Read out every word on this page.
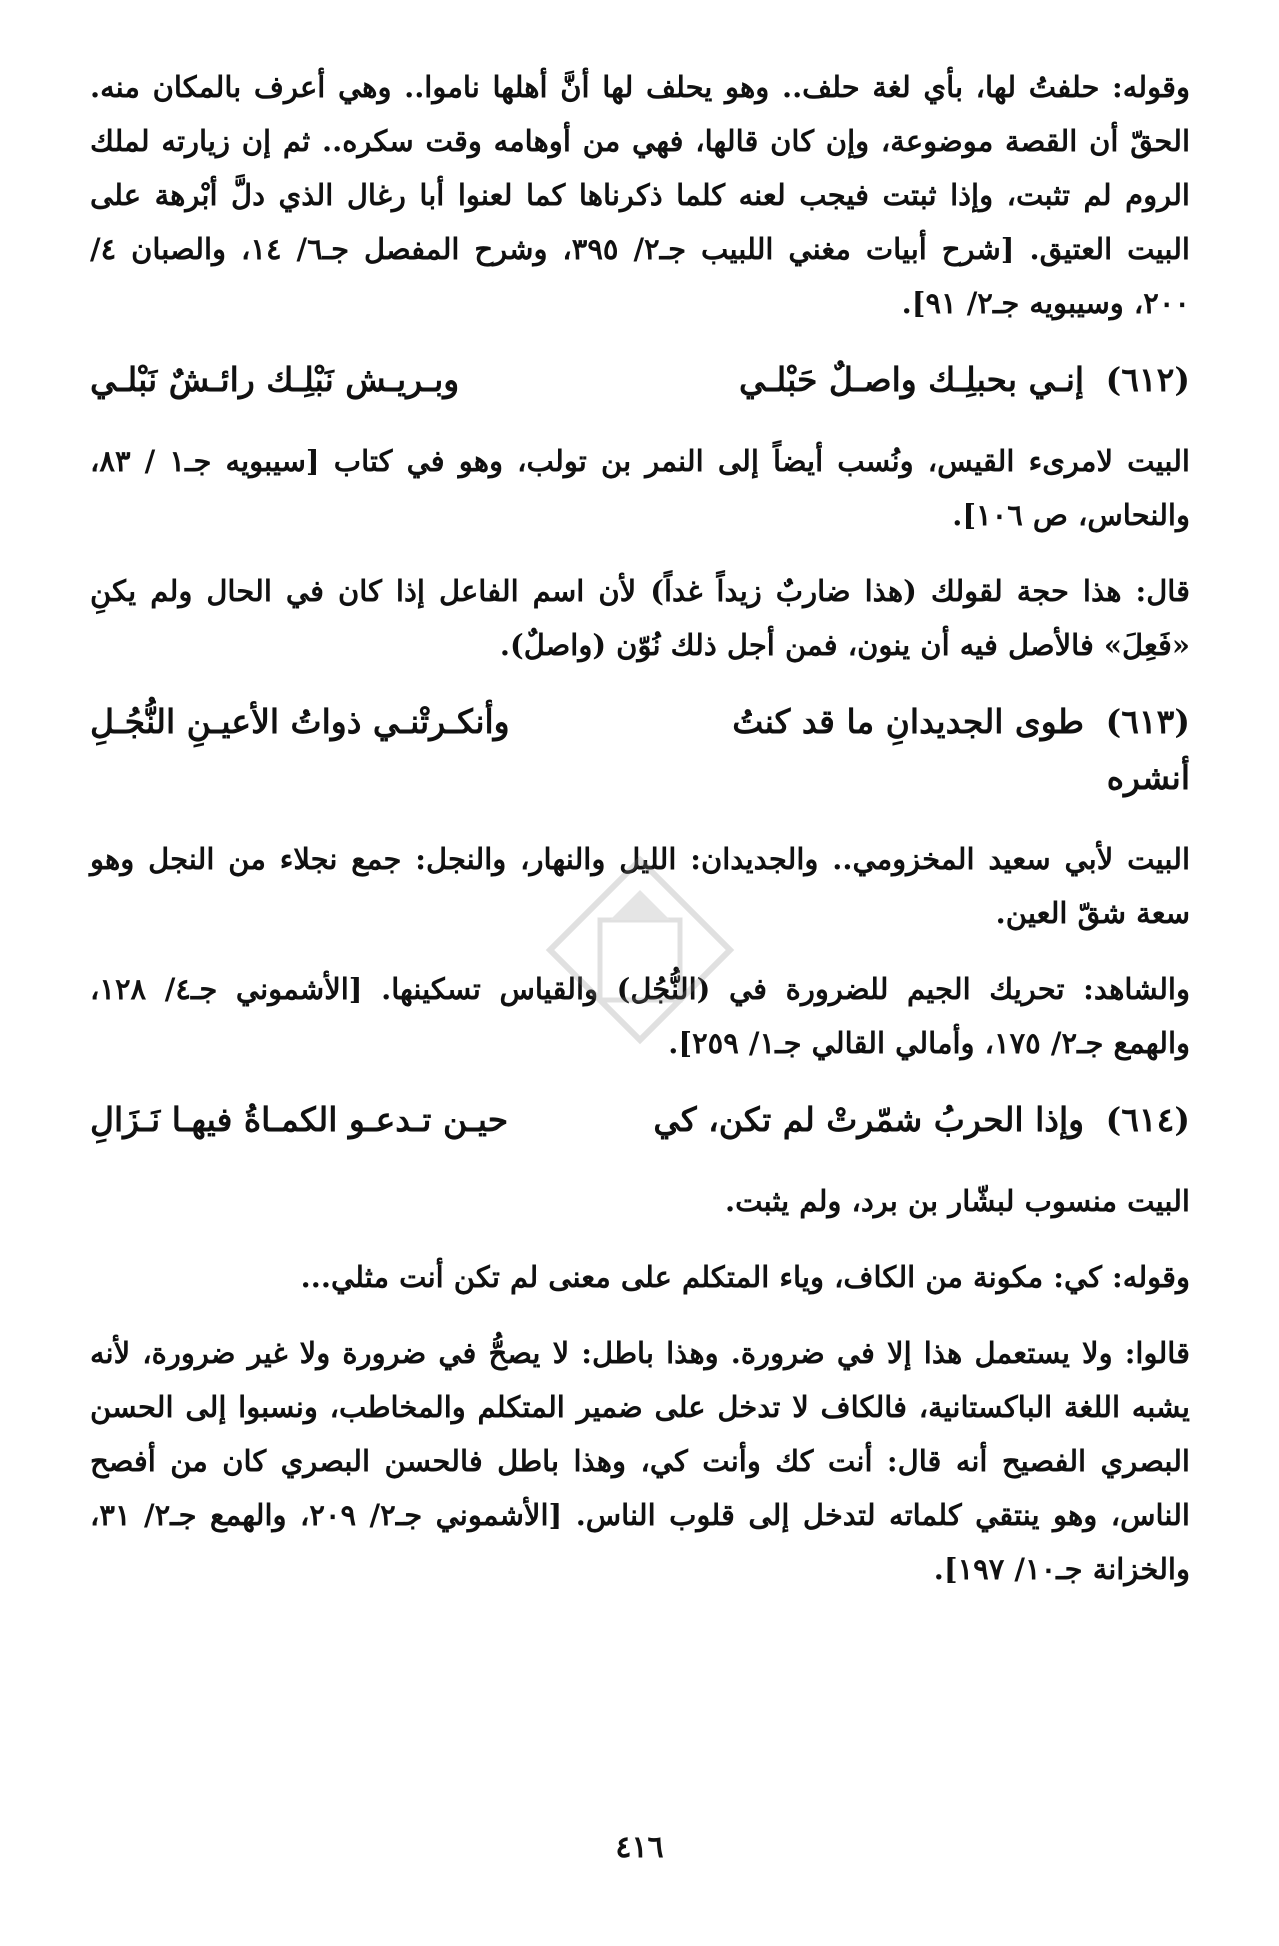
وقوله: حلفتُ لها، بأي لغة حلف.. وهو يحلف لها أنَّ أهلها ناموا.. وهي أعرف بالمكان منه. الحقّ أن القصة موضوعة، وإن كان قالها، فهي من أوهامه وقت سكره.. ثم إن زيارته لملك الروم لم تثبت، وإذا ثبتت فيجب لعنه كلما ذكرناها كما لعنوا أبا رغال الذي دلَّ أبْرهة على البيت العتيق. [شرح أبيات مغني اللبيب جـ٢/ ٣٩٥، وشرح المفصل جـ٦/ ١٤، والصبان ٤/ ٢٠٠، وسيبويه جـ٢/ ٩١].

(٦١٢) إنـي بحبلِـك واصـلٌ حَبْلـي
وبـريـش نَبْلِـك رائـشٌ نَبْلـي

البيت لامرىء القيس، ونُسب أيضاً إلى النمر بن تولب، وهو في كتاب [سيبويه جـ١ / ٨٣، والنحاس، ص ١٠٦].

قال: هذا حجة لقولك (هذا ضاربٌ زيداً غداً) لأن اسم الفاعل إذا كان في الحال ولم يكنِ «فَعِلَ» فالأصل فيه أن ينون، فمن أجل ذلك نُوّن (واصلٌ).

(٦١٣) طوى الجديدانِ ما قد كنتُ أنشره
وأنكـرتْنـي ذواتُ الأعيـنِ النُّجُـلِ

البيت لأبي سعيد المخزومي.. والجديدان: الليل والنهار، والنجل: جمع نجلاء من النجل وهو سعة شقّ العين.

والشاهد: تحريك الجيم للضرورة في (النُّجُل) والقياس تسكينها. [الأشموني جـ٤/ ١٢٨، والهمع جـ٢/ ١٧٥، وأمالي القالي جـ١/ ٢٥٩].

(٦١٤) وإذا الحربُ شمّرتْ لم تكن، كي
حيـن تـدعـو الكمـاةُ فيهـا نَـزَالِ

البيت منسوب لبشّار بن برد، ولم يثبت.

وقوله: كي: مكونة من الكاف، وياء المتكلم على معنى لم تكن أنت مثلي...

قالوا: ولا يستعمل هذا إلا في ضرورة. وهذا باطل: لا يصحُّ في ضرورة ولا غير ضرورة، لأنه يشبه اللغة الباكستانية، فالكاف لا تدخل على ضمير المتكلم والمخاطب، ونسبوا إلى الحسن البصري الفصيح أنه قال: أنت كك وأنت كي، وهذا باطل فالحسن البصري كان من أفصح الناس، وهو ينتقي كلماته لتدخل إلى قلوب الناس. [الأشموني جـ٢/ ٢٠٩، والهمع جـ٢/ ٣١، والخزانة جـ١٠/ ١٩٧].

٤١٦
